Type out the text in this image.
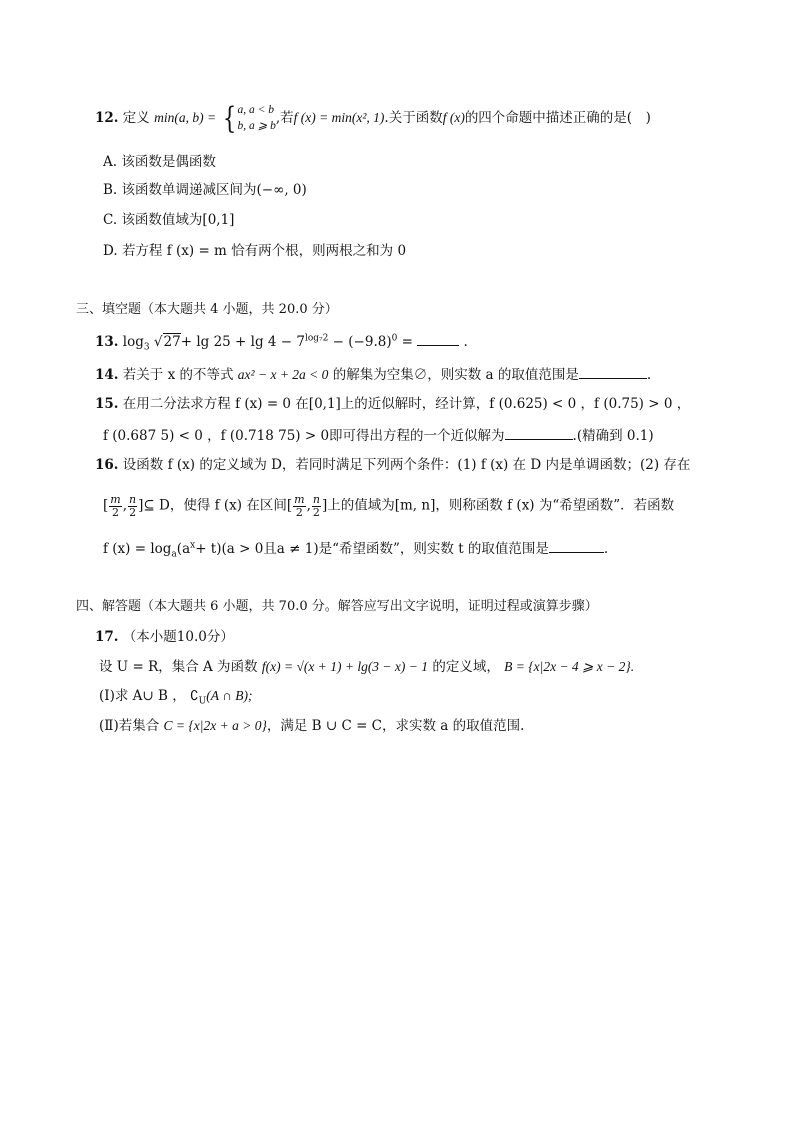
12. 定义 min(a, b) = {a, a < b
b, a ⩾ b,若f (x) = min(x², 1).关于函数f (x)的四个命题中描述正确的是(　)
A. 该函数是偶函数
B. 该函数单调递减区间为(−∞, 0)
C. 该函数值域为[0,1]
D. 若方程 f (x) = m 恰有两个根，则两根之和为 0
三、填空题（本大题共 4 小题，共 20.0 分）
13. $\log_3 √27+ \lg 25 + \lg 4 - 7^{log_72} - (-9.8)^0$ =	.
14. 若关于 x 的不等式 ax² − x + 2a < 0 的解集为空集∅，则实数 a 的取值范围是	.
15. 在用二分法求方程 f (x) = 0 在[0,1]上的近似解时，经计算，f (0.625) < 0 ，f (0.75) > 0 ，
f (0.687 5) < 0 ，f (0.718 75) > 0即可得出方程的一个近似解为	.(精确到 0.1)
16. 设函数 f (x) 的定义域为 D，若同时满足下列两个条件：(1) f (x) 在 D 内是单调函数；(2) 存在
[ $\frac{m}{2}$ , $\frac{n}{2}$ ]⊆ D，使得 f (x) 在区间[ $\frac{m}{2}$ , $\frac{n}{2}$ ]上的值域为[m, n]，则称函数 f (x) 为“希望函数”．若函数
f $(x) = \log_a(a^x+ t)(a > 0$且a ≠ 1)是“希望函数”，则实数 t 的取值范围是	.
四、解答题（本大题共 6 小题，共 70.0 分。解答应写出文字说明，证明过程或演算步骤）
17. （本小题10.0分）
设 U = R，集合 A 为函数 f(x) = √(x + 1) + lg(3 − x) − 1 的定义域， B = {x|2x − 4 ⩾ x − 2}.
(Ⅰ)求 A∪ B ， $∁_U(A$ ∩ B);
(Ⅱ)若集合 C = {x|2x + a > 0}，满足 B ∪ C = C，求实数 a 的取值范围.
